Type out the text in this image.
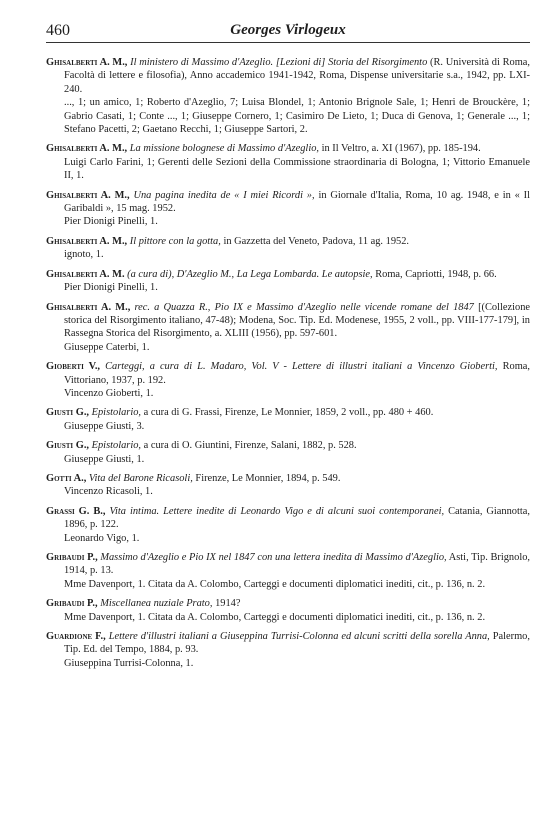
460	Georges Virlogeux
Ghisalberti A. M., Il ministero di Massimo d'Azeglio. [Lezioni di] Storia del Risorgimento (R. Università di Roma, Facoltà di lettere e filosofia), Anno accademico 1941-1942, Roma, Dispense universitarie s.a., 1942, pp. LXI-240.
..., 1; un amico, 1; Roberto d'Azeglio, 7; Luisa Blondel, 1; Antonio Brignole Sale, 1; Henri de Brouckère, 1; Gabrio Casati, 1; Conte ..., 1; Giuseppe Cornero, 1; Casimiro De Lieto, 1; Duca di Genova, 1; Generale ..., 1; Stefano Pacetti, 2; Gaetano Recchi, 1; Giuseppe Sartori, 2.
Ghisalberti A. M., La missione bolognese di Massimo d'Azeglio, in Il Veltro, a. XI (1967), pp. 185-194.
Luigi Carlo Farini, 1; Gerenti delle Sezioni della Commissione straordinaria di Bologna, 1; Vittorio Emanuele II, 1.
Ghisalberti A. M., Una pagina inedita de « I miei Ricordi », in Giornale d'Italia, Roma, 10 ag. 1948, e in « Il Garibaldi », 15 mag. 1952.
Pier Dionigi Pinelli, 1.
Ghisalberti A. M., Il pittore con la gotta, in Gazzetta del Veneto, Padova, 11 ag. 1952.
ignoto, 1.
Ghisalberti A. M. (a cura di), D'Azeglio M., La Lega Lombarda. Le autopsie, Roma, Capriotti, 1948, p. 66.
Pier Dionigi Pinelli, 1.
Ghisalberti A. M., rec. a Quazza R., Pio IX e Massimo d'Azeglio nelle vicende romane del 1847 [(Collezione storica del Risorgimento italiano, 47-48); Modena, Soc. Tip. Ed. Modenese, 1955, 2 voll., pp. VIII-177-179], in Rassegna Storica del Risorgimento, a. XLIII (1956), pp. 597-601.
Giuseppe Caterbi, 1.
Gioberti V., Carteggi, a cura di L. Madaro, Vol. V - Lettere di illustri italiani a Vincenzo Gioberti, Roma, Vittoriano, 1937, p. 192.
Vincenzo Gioberti, 1.
Giusti G., Epistolario, a cura di G. Frassi, Firenze, Le Monnier, 1859, 2 voll., pp. 480 + 460.
Giuseppe Giusti, 3.
Giusti G., Epistolario, a cura di O. Giuntini, Firenze, Salani, 1882, p. 528.
Giuseppe Giusti, 1.
Gotti A., Vita del Barone Ricasoli, Firenze, Le Monnier, 1894, p. 549.
Vincenzo Ricasoli, 1.
Grassi G. B., Vita intima. Lettere inedite di Leonardo Vigo e di alcuni suoi contemporanei, Catania, Giannotta, 1896, p. 122.
Leonardo Vigo, 1.
Gribaudi P., Massimo d'Azeglio e Pio IX nel 1847 con una lettera inedita di Massimo d'Azeglio, Asti, Tip. Brignolo, 1914, p. 13.
Mme Davenport, 1. Citata da A. Colombo, Carteggi e documenti diplomatici inediti, cit., p. 136, n. 2.
Gribaudi P., Miscellanea nuziale Prato, 1914?
Mme Davenport, 1. Citata da A. Colombo, Carteggi e documenti diplomatici inediti, cit., p. 136, n. 2.
Guardione F., Lettere d'illustri italiani a Giuseppina Turrisi-Colonna ed alcuni scritti della sorella Anna, Palermo, Tip. Ed. del Tempo, 1884, p. 93.
Giuseppina Turrisi-Colonna, 1.
